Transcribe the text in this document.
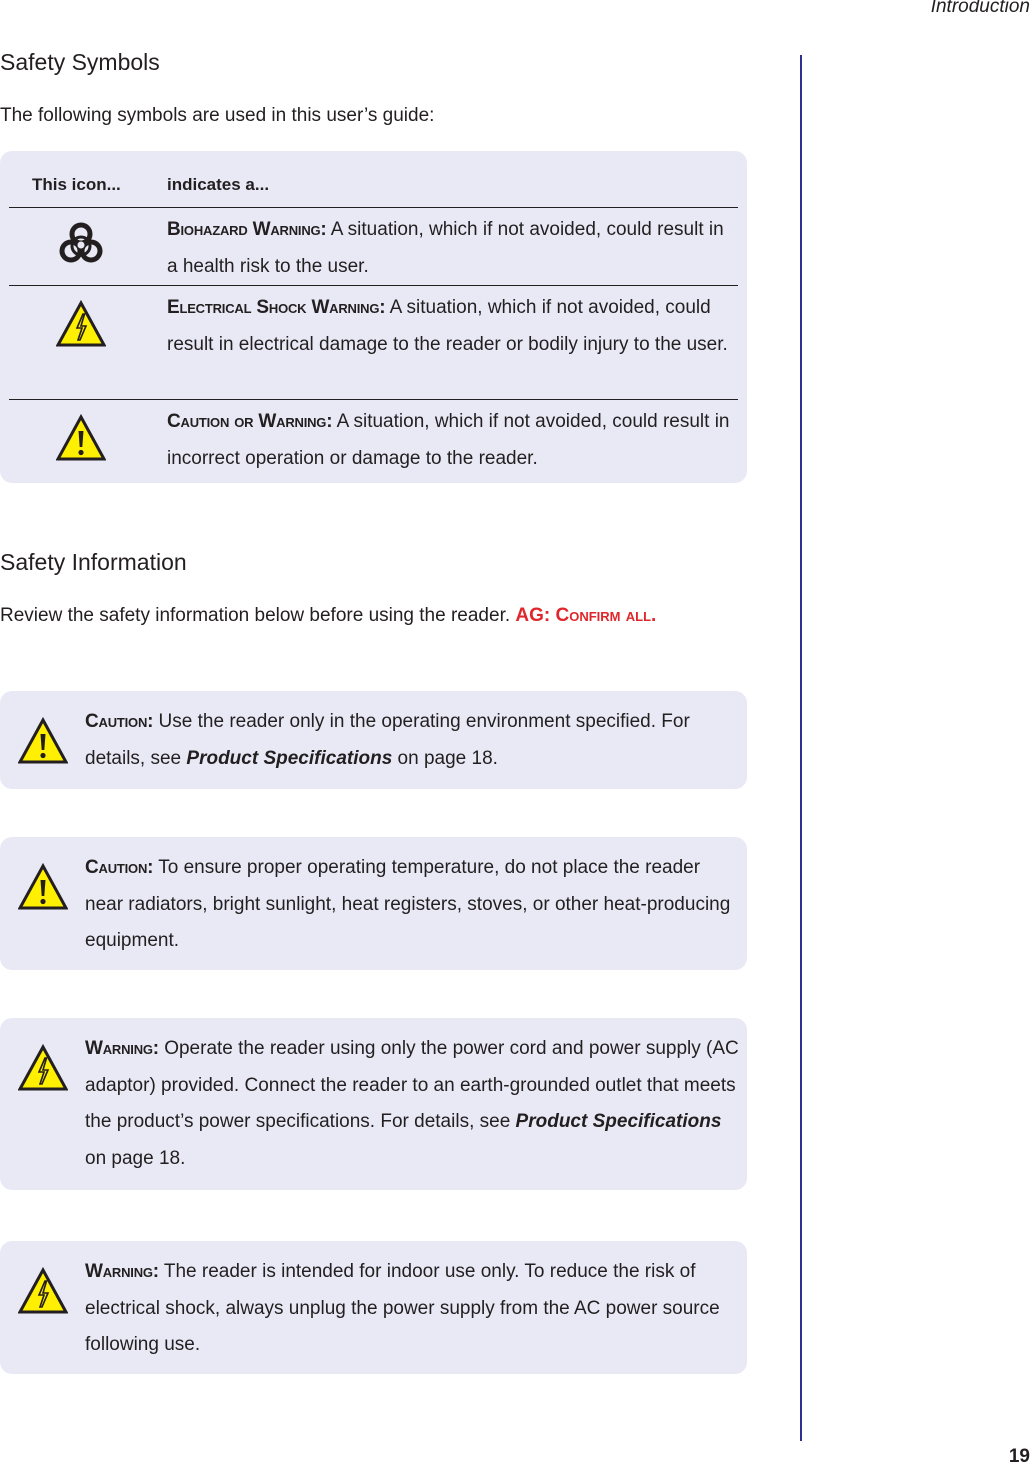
Introduction
Safety Symbols
The following symbols are used in this user’s guide:
This icon...	indicates a...
Biohazard Warning: A situation, which if not avoided, could result in a health risk to the user.
Electrical Shock Warning: A situation, which if not avoided, could result in electrical damage to the reader or bodily injury to the user.
Caution or Warning: A situation, which if not avoided, could result in incorrect operation or damage to the reader.
Safety Information
Review the safety information below before using the reader. AG: Confirm all.
Caution: Use the reader only in the operating environment specified. For details, see Product Specifications on page 18.
Caution: To ensure proper operating temperature, do not place the reader near radiators, bright sunlight, heat registers, stoves, or other heat-producing equipment.
Warning: Operate the reader using only the power cord and power supply (AC adaptor) provided. Connect the reader to an earth-grounded outlet that meets the product’s power specifications. For details, see Product Specifications on page 18.
Warning: The reader is intended for indoor use only. To reduce the risk of electrical shock, always unplug the power supply from the AC power source following use.
19
